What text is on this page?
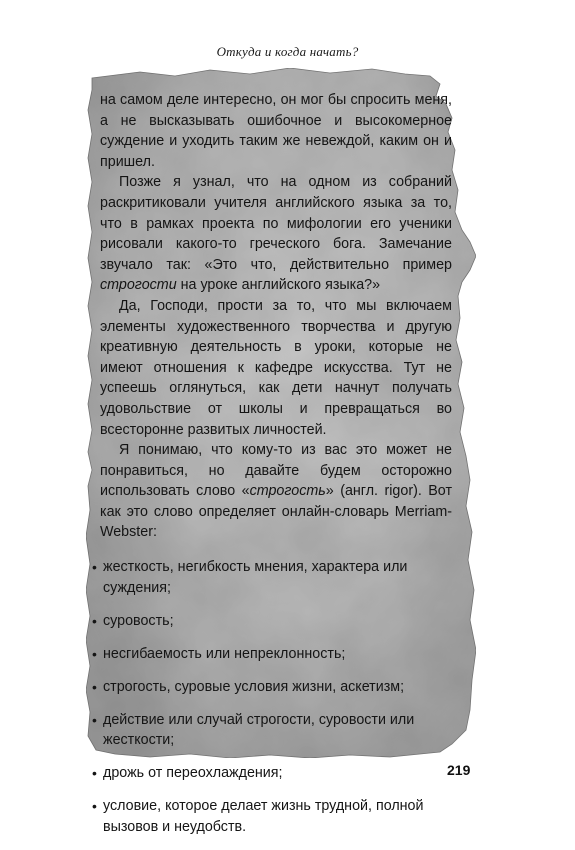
Откуда и когда начать?

на самом деле интересно, он мог бы спросить меня, а не высказывать ошибочное и высокомерное суждение и уходить таким же невеждой, каким он и пришел.

Позже я узнал, что на одном из собраний раскритиковали учителя английского языка за то, что в рамках проекта по мифологии его ученики рисовали какого-то греческого бога. Замечание звучало так: «Это что, действительно пример строгости на уроке английского языка?»

Да, Господи, прости за то, что мы включаем элементы художественного творчества и другую креативную деятельность в уроки, которые не имеют отношения к кафедре искусства. Тут не успеешь оглянуться, как дети начнут получать удовольствие от школы и превращаться во всесторонне развитых личностей.

Я понимаю, что кому-то из вас это может не понравиться, но давайте будем осторожно использовать слово «строгость» (англ. rigor). Вот как это слово определяет онлайн-словарь Merriam-Webster:

• жесткость, негибкость мнения, характера или суждения;
• суровость;
• несгибаемость или непреклонность;
• строгость, суровые условия жизни, аскетизм;
• действие или случай строгости, суровости или жесткости;
• дрожь от переохлаждения;
• условие, которое делает жизнь трудной, полной вызовов и неудобств.
219
